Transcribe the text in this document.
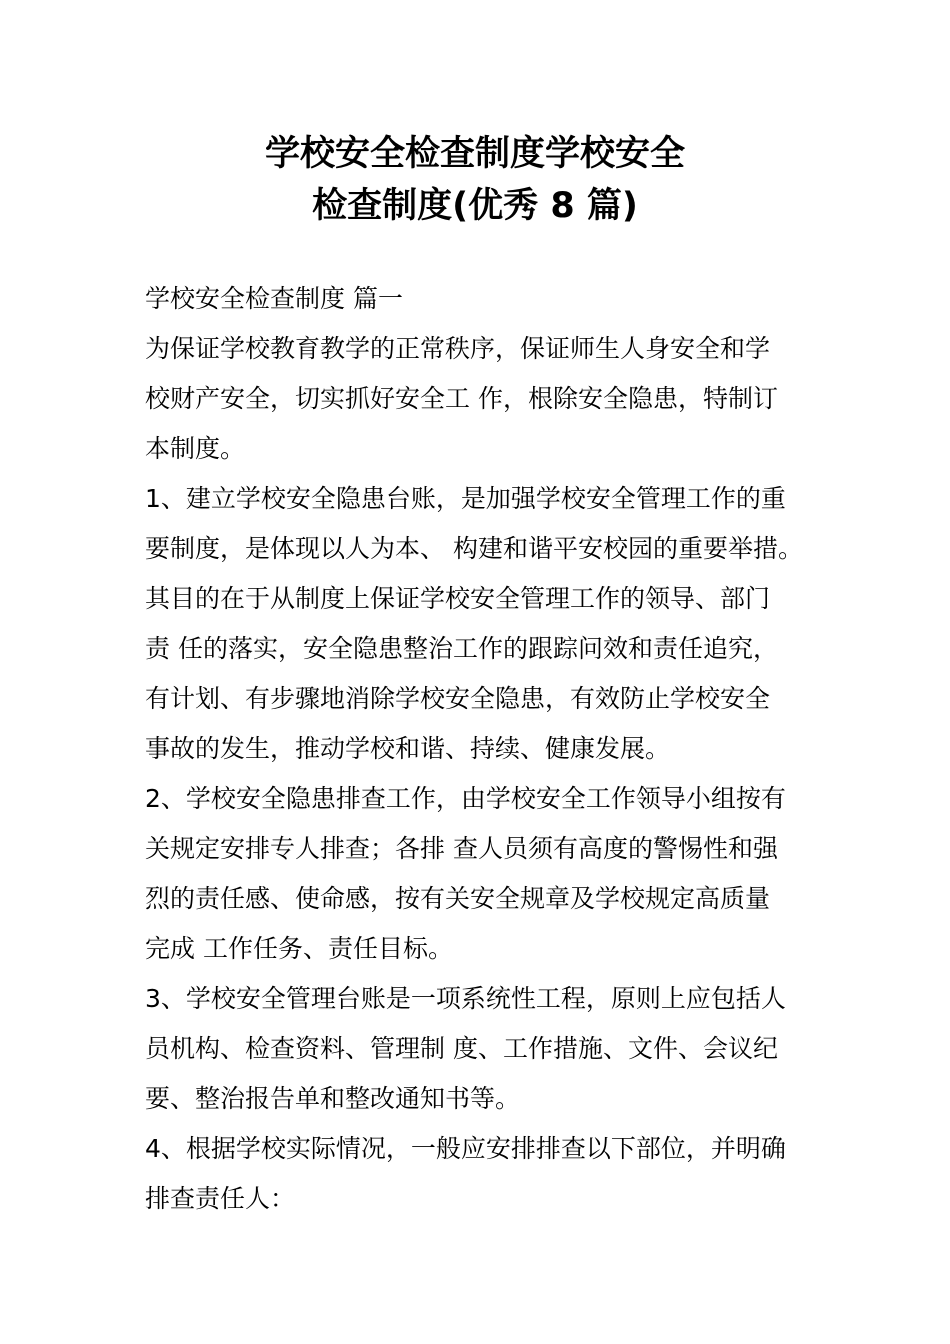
学校安全检查制度学校安全
检查制度(优秀 8 篇)

学校安全检查制度 篇一

为保证学校教育教学的正常秩序，保证师生人身安全和学

校财产安全，切实抓好安全工 作，根除安全隐患，特制订

本制度。

1、建立学校安全隐患台账，是加强学校安全管理工作的重

要制度，是体现以人为本、 构建和谐平安校园的重要举措。

其目的在于从制度上保证学校安全管理工作的领导、部门

责 任的落实，安全隐患整治工作的跟踪问效和责任追究，

有计划、有步骤地消除学校安全隐患，有效防止学校安全

事故的发生，推动学校和谐、持续、健康发展。

2、学校安全隐患排查工作，由学校安全工作领导小组按有

关规定安排专人排查；各排 查人员须有高度的警惕性和强

烈的责任感、使命感，按有关安全规章及学校规定高质量

完成 工作任务、责任目标。

3、学校安全管理台账是一项系统性工程，原则上应包括人

员机构、检查资料、管理制 度、工作措施、文件、会议纪

要、整治报告单和整改通知书等。

4、根据学校实际情况，一般应安排排查以下部位，并明确

排查责任人：
